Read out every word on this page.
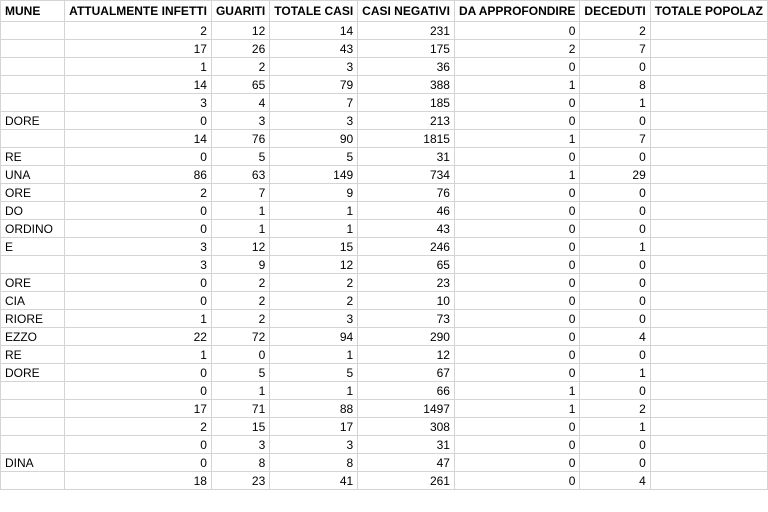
MUNE	ATTUALMENTE INFETTI	GUARITI	TOTALE CASI	CASI NEGATIVI	DA APPROFONDIRE	DECEDUTI	TOTALE POPOLAZ
	2	12	14	231	0	2	
	17	26	43	175	2	7	
	1	2	3	36	0	0	
	14	65	79	388	1	8	
	3	4	7	185	0	1	
DORE	0	3	3	213	0	0	
	14	76	90	1815	1	7	
RE	0	5	5	31	0	0	
UNA	86	63	149	734	1	29	
ORE	2	7	9	76	0	0	
DO	0	1	1	46	0	0	
ORDINO	0	1	1	43	0	0	
E	3	12	15	246	0	1	
	3	9	12	65	0	0	
ORE	0	2	2	23	0	0	
CIA	0	2	2	10	0	0	
RIORE	1	2	3	73	0	0	
EZZO	22	72	94	290	0	4	
RE	1	0	1	12	0	0	
DORE	0	5	5	67	0	1	
	0	1	1	66	1	0	
	17	71	88	1497	1	2	
	2	15	17	308	0	1	
	0	3	3	31	0	0	
DINA	0	8	8	47	0	0	
	18	23	41	261	0	4	
